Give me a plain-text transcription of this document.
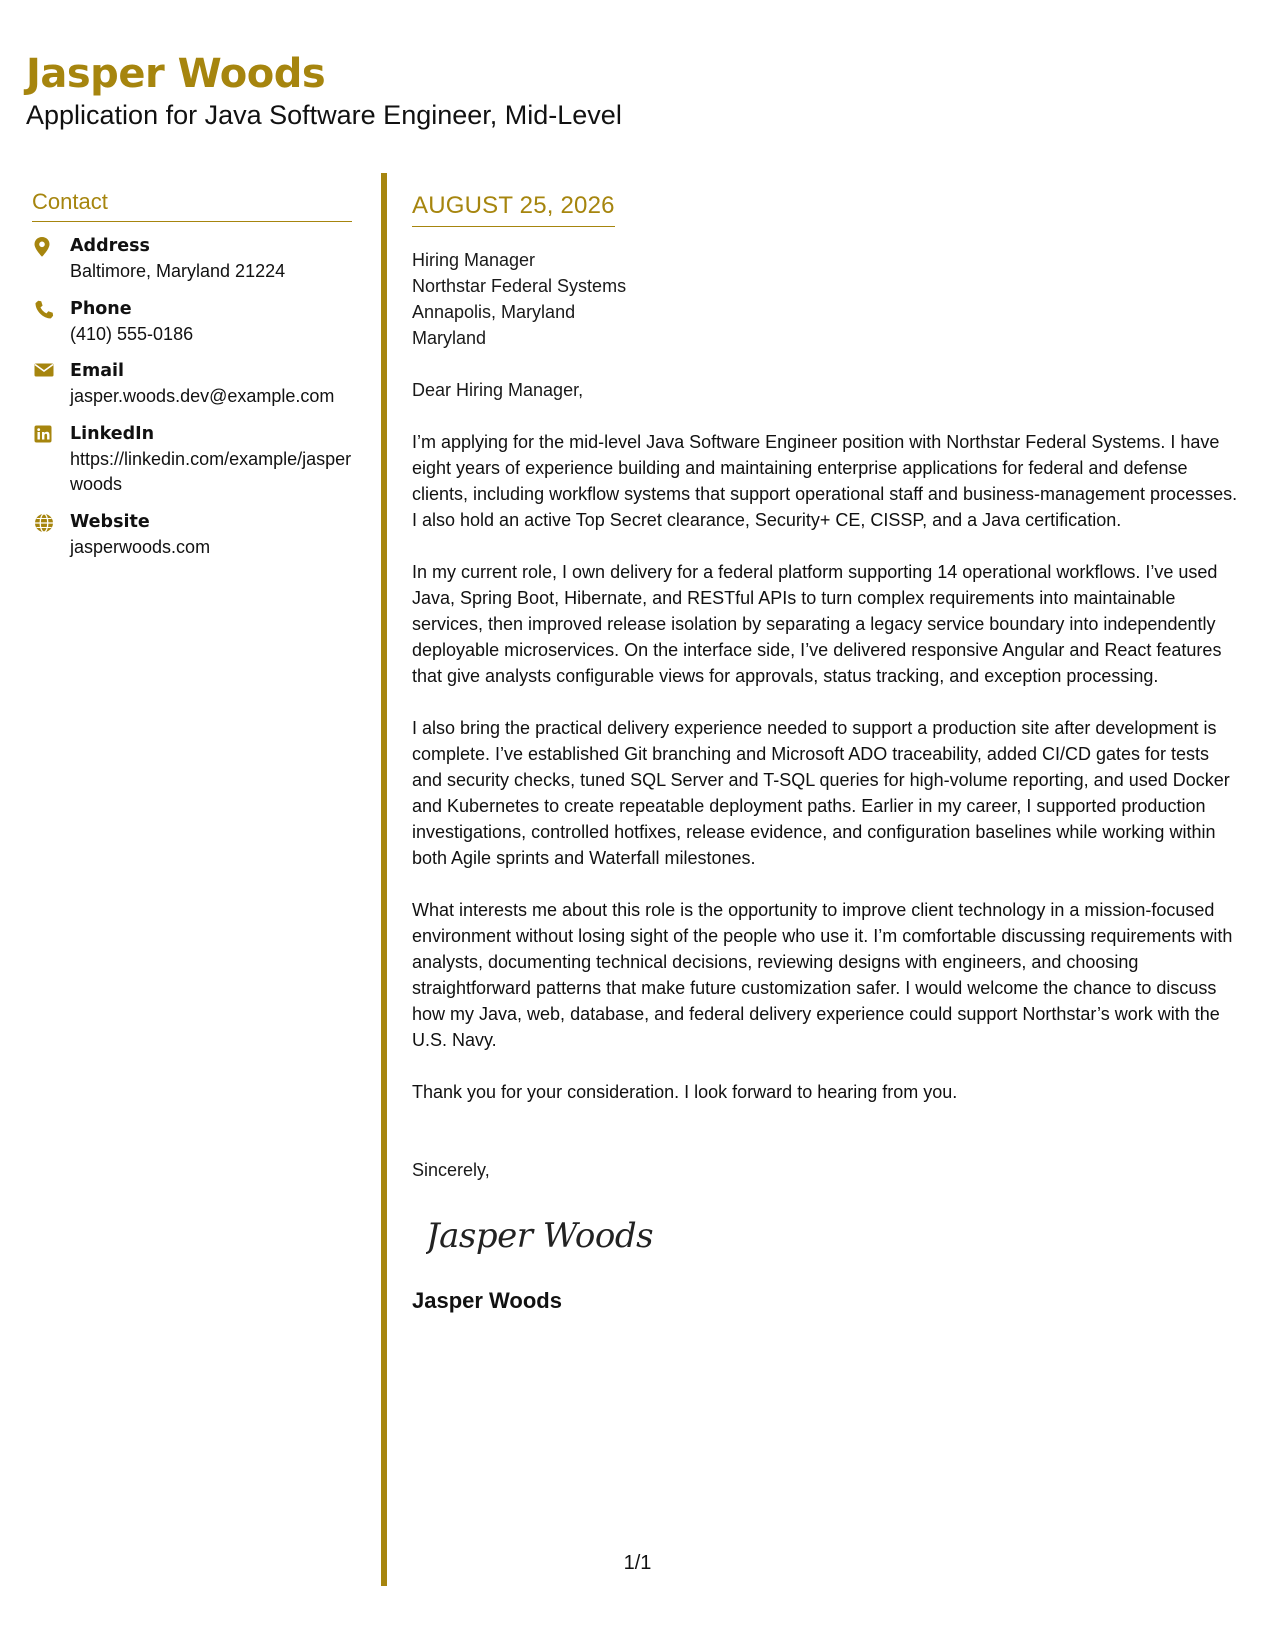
Jasper Woods
Application for Java Software Engineer, Mid-Level
Contact
Address
Baltimore, Maryland 21224
Phone
(410) 555-0186
Email
jasper.woods.dev@example.com
LinkedIn
https://linkedin.com/example/jasperwoods
Website
jasperwoods.com
AUGUST 25, 2026
Hiring Manager
Northstar Federal Systems
Annapolis, Maryland
Maryland
Dear Hiring Manager,
I’m applying for the mid-level Java Software Engineer position with Northstar Federal Systems. I have eight years of experience building and maintaining enterprise applications for federal and defense clients, including workflow systems that support operational staff and business-management processes. I also hold an active Top Secret clearance, Security+ CE, CISSP, and a Java certification.
In my current role, I own delivery for a federal platform supporting 14 operational workflows. I’ve used Java, Spring Boot, Hibernate, and RESTful APIs to turn complex requirements into maintainable services, then improved release isolation by separating a legacy service boundary into independently deployable microservices. On the interface side, I’ve delivered responsive Angular and React features that give analysts configurable views for approvals, status tracking, and exception processing.
I also bring the practical delivery experience needed to support a production site after development is complete. I’ve established Git branching and Microsoft ADO traceability, added CI/CD gates for tests and security checks, tuned SQL Server and T-SQL queries for high-volume reporting, and used Docker and Kubernetes to create repeatable deployment paths. Earlier in my career, I supported production investigations, controlled hotfixes, release evidence, and configuration baselines while working within both Agile sprints and Waterfall milestones.
What interests me about this role is the opportunity to improve client technology in a mission-focused environment without losing sight of the people who use it. I’m comfortable discussing requirements with analysts, documenting technical decisions, reviewing designs with engineers, and choosing straightforward patterns that make future customization safer. I would welcome the chance to discuss how my Java, web, database, and federal delivery experience could support Northstar’s work with the U.S. Navy.
Thank you for your consideration. I look forward to hearing from you.
Sincerely,
Jasper Woods
Jasper Woods
1/1
